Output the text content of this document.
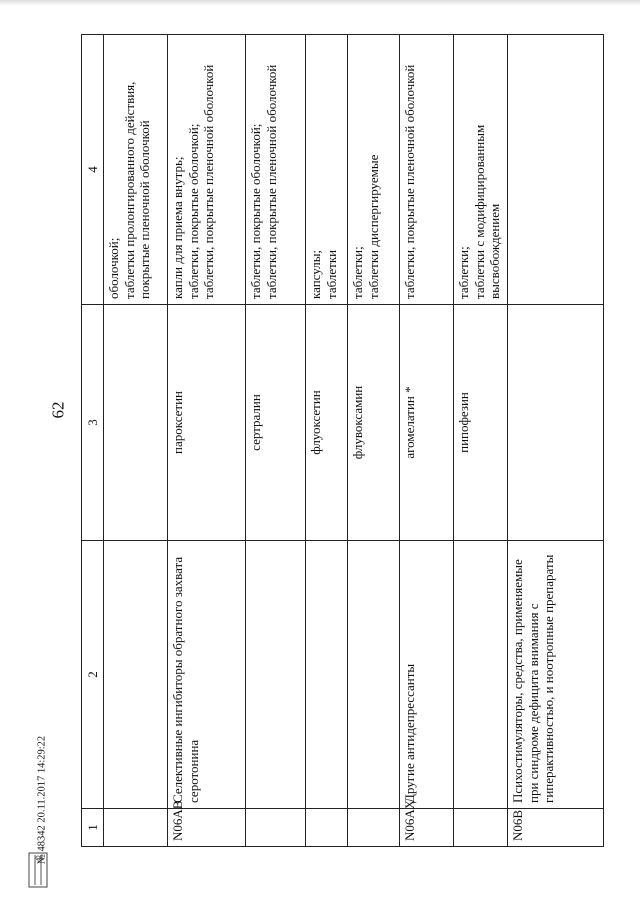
62
1	2	3	4
			оболочкой;
таблетки пролонгированного действия, покрытые пленочной оболочкой
N06AB	Селективные ингибиторы обратного захвата серотонина	пароксетин	капли для приема внутрь;
таблетки, покрытые оболочкой;
таблетки, покрытые пленочной оболочкой
		сертралин	таблетки, покрытые оболочкой;
таблетки, покрытые пленочной оболочкой
		флуоксетин	капсулы;
таблетки
		флувоксамин	таблетки;
таблетки диспергируемые
N06AX	Другие антидепрессанты	агомелатин *	таблетки, покрытые пленочной оболочкой
		пипофезин	таблетки;
таблетки с модифицированным высвобождением
N06B	Психостимуляторы, средства, применяемые при синдроме дефицита внимания с гиперактивностью, и ноотропные препараты		
№ 48342 20.11.2017 14:29:22
